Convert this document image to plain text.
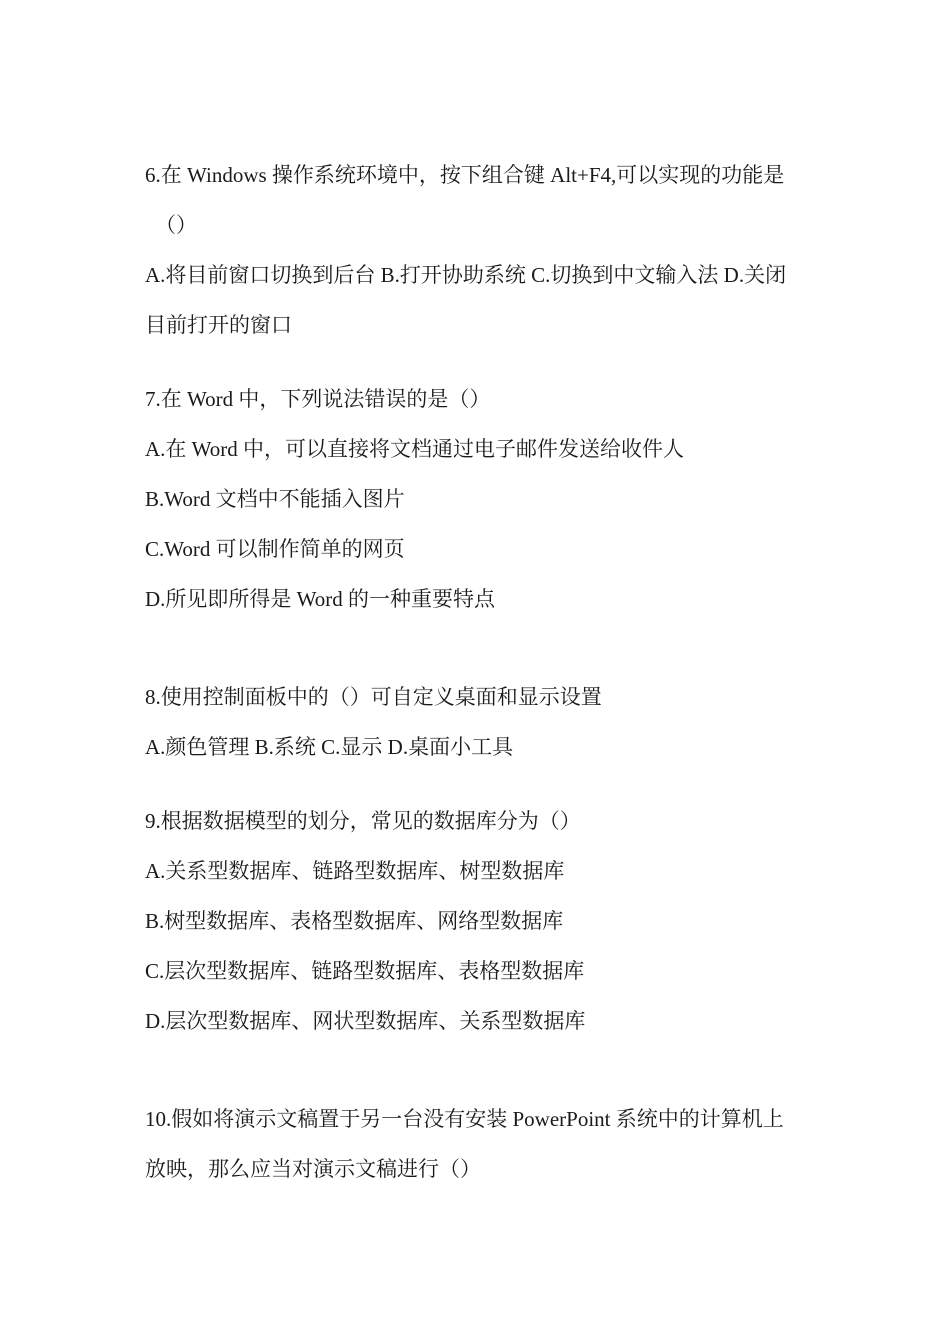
6.在 Windows 操作系统环境中，按下组合键 Alt+F4,可以实现的功能是

（）

A.将目前窗口切换到后台 B.打开协助系统 C.切换到中文输入法 D.关闭

目前打开的窗口

7.在 Word 中，下列说法错误的是（）

A.在 Word 中，可以直接将文档通过电子邮件发送给收件人

B.Word 文档中不能插入图片

C.Word 可以制作简单的网页

D.所见即所得是 Word 的一种重要特点

8.使用控制面板中的（）可自定义桌面和显示设置

A.颜色管理 B.系统 C.显示 D.桌面小工具

9.根据数据模型的划分，常见的数据库分为（）

A.关系型数据库、链路型数据库、树型数据库

B.树型数据库、表格型数据库、网络型数据库

C.层次型数据库、链路型数据库、表格型数据库

D.层次型数据库、网状型数据库、关系型数据库

10.假如将演示文稿置于另一台没有安装 PowerPoint 系统中的计算机上

放映，那么应当对演示文稿进行（）
